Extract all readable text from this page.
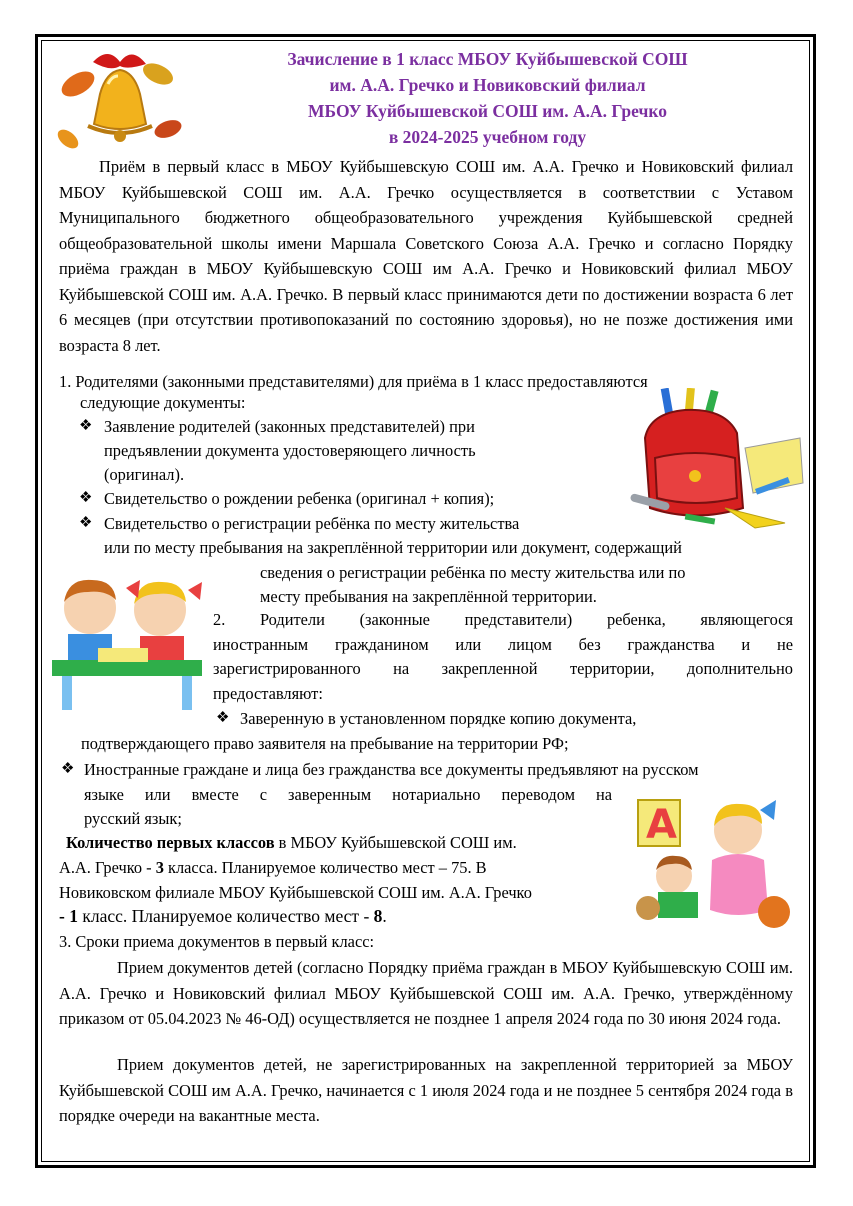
Зачисление в 1 класс МБОУ Куйбышевской СОШ
им. А.А. Гречко и Новиковский филиал
МБОУ Куйбышевской СОШ им. А.А. Гречко
в 2024-2025 учебном году
Приём в первый класс в МБОУ Куйбышевскую СОШ им. А.А. Гречко и Новиковский филиал МБОУ Куйбышевской СОШ им. А.А. Гречко осуществляется в соответствии с Уставом Муниципального бюджетного общеобразовательного учреждения Куйбышевской средней общеобразовательной школы имени Маршала Советского Союза А.А. Гречко и согласно Порядку приёма граждан в МБОУ Куйбышевскую СОШ им А.А. Гречко и Новиковский филиал МБОУ Куйбышевской СОШ им. А.А. Гречко. В первый класс принимаются дети по достижении возраста 6 лет 6 месяцев (при отсутствии противопоказаний по состоянию здоровья), но не позже достижения ими возраста 8 лет.
1. Родителями (законными представителями) для приёма в 1 класс предоставляются
следующие документы:
❖ Заявление родителей (законных представителей) при
предъявлении документа удостоверяющего личность
(оригинал).
❖ Свидетельство о рождении ребенка (оригинал + копия);
❖ Свидетельство о регистрации ребёнка по месту жительства
или по месту пребывания на закреплённой территории или документ, содержащий
сведения о регистрации ребёнка по месту жительства или по
месту пребывания на закреплённой территории.
2. Родители (законные представители) ребенка, являющегося
иностранным гражданином или лицом без гражданства и не
зарегистрированного на закрепленной территории, дополнительно
предоставляют:
❖ Заверенную в установленном порядке копию документа,
подтверждающего право заявителя на пребывание на территории РФ;
❖ Иностранные граждане и лица без гражданства все документы предъявляют на русском
языке или вместе с заверенным нотариально переводом на
русский язык;	A
Количество первых классов в МБОУ Куйбышевской СОШ им.
А.А. Гречко - 3 класса. Планируемое количество мест – 75. В
Новиковском филиале МБОУ Куйбышевской СОШ им. А.А. Гречко
- 1 класс. Планируемое количество мест - 8.
3. Сроки приема документов в первый класс:
Прием документов детей (согласно Порядку приёма граждан в МБОУ Куйбышевскую СОШ им. А.А. Гречко и Новиковский филиал МБОУ Куйбышевской СОШ им. А.А. Гречко, утверждённому приказом от 05.04.2023 № 46-ОД) осуществляется не позднее 1 апреля 2024 года по 30 июня 2024 года.
Прием документов детей, не зарегистрированных на закрепленной территорией за МБОУ Куйбышевской СОШ им А.А. Гречко, начинается с 1 июля 2024 года и не позднее 5 сентября 2024 года в порядке очереди на вакантные места.
